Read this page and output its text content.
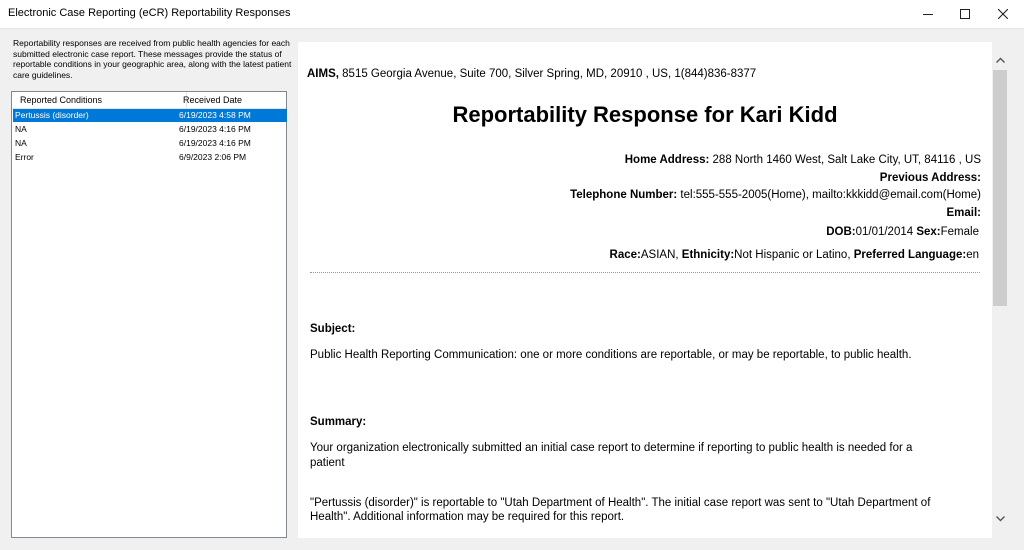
Electronic Case Reporting (eCR) Reportability Responses
Reportability responses are received from public health agencies for each submitted electronic case report. These messages provide the status of reportable conditions in your geographic area, along with the latest patient care guidelines.
Reported Conditions	Received Date
Pertussis (disorder)	6/19/2023 4:58 PM
NA	6/19/2023 4:16 PM
NA	6/19/2023 4:16 PM
Error	6/9/2023 2:06 PM
AIMS, 8515 Georgia Avenue, Suite 700, Silver Spring, MD, 20910 , US, 1(844)836-8377
Reportability Response for Kari Kidd
Home Address: 288 North 1460 West, Salt Lake City, UT, 84116 , US
Previous Address:
Telephone Number: tel:555-555-2005(Home), mailto:kkkidd@email.com(Home)
Email:
DOB:01/01/2014 Sex:Female
Race:ASIAN, Ethnicity:Not Hispanic or Latino, Preferred Language:en
Subject:
Public Health Reporting Communication: one or more conditions are reportable, or may be reportable, to public health.
Summary:
Your organization electronically submitted an initial case report to determine if reporting to public health is needed for a
patient
"Pertussis (disorder)" is reportable to "Utah Department of Health". The initial case report was sent to "Utah Department of
Health". Additional information may be required for this report.
